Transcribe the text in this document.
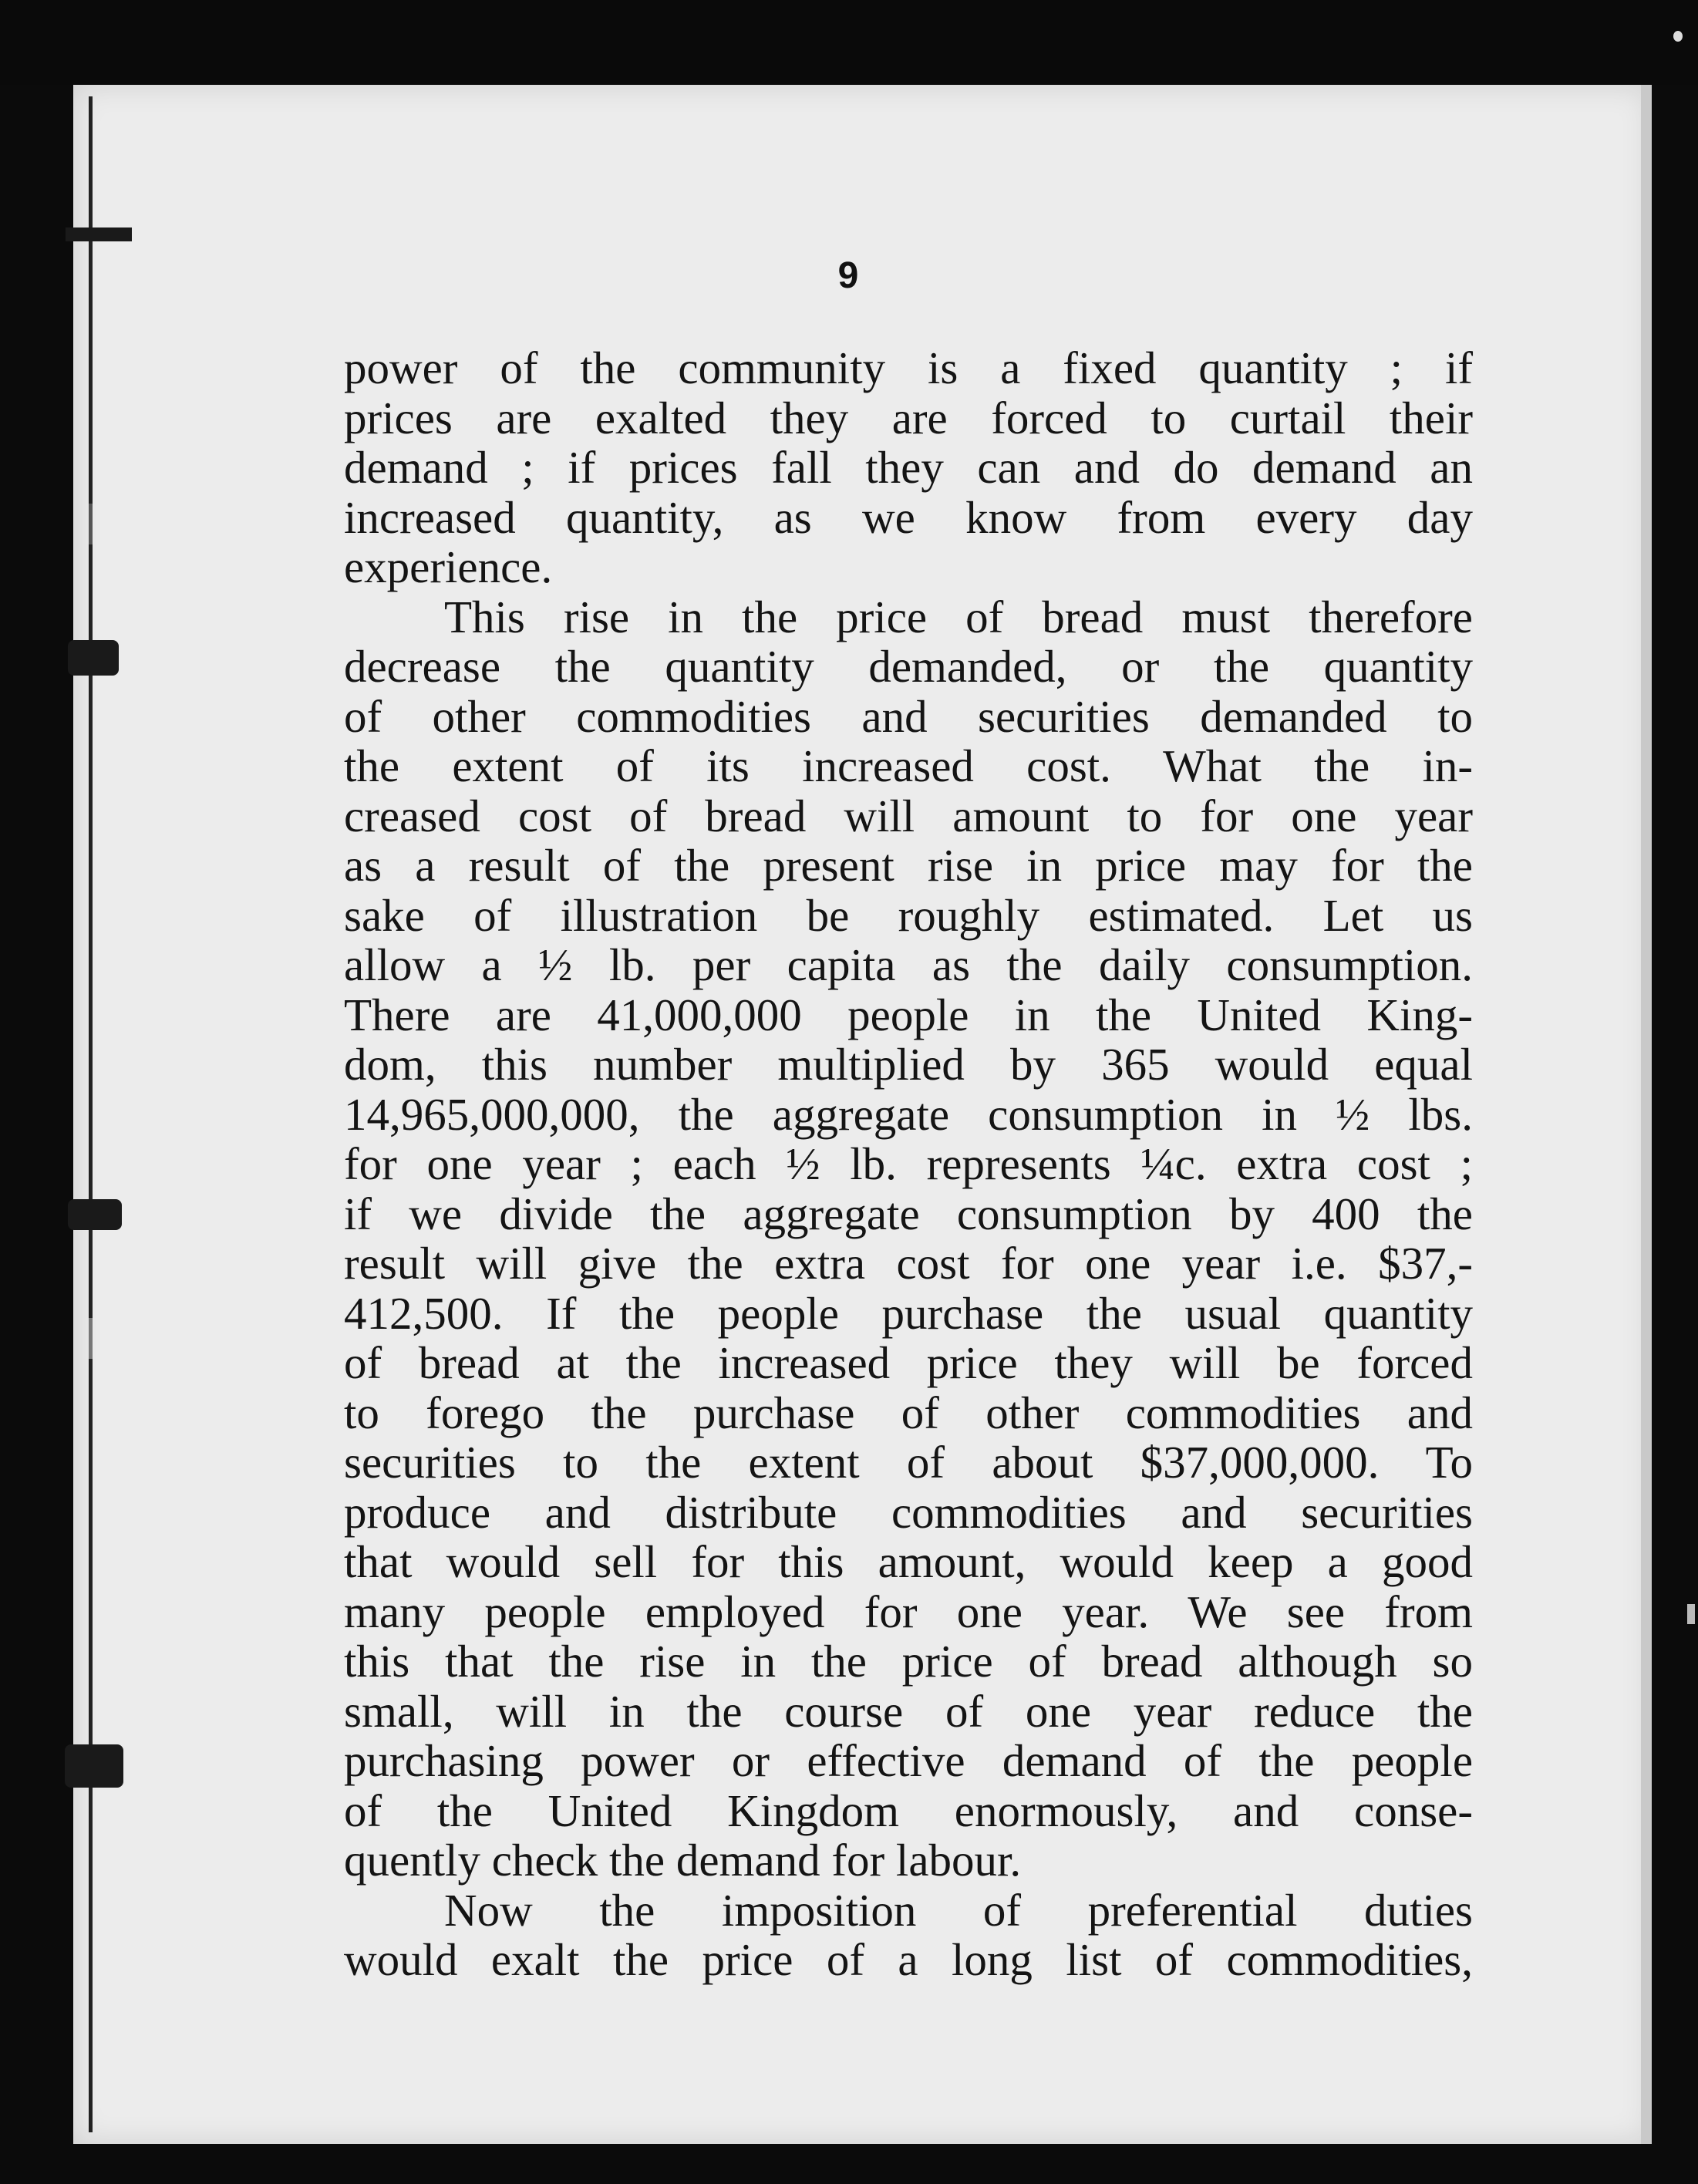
9
power of the community is a fixed quantity ; if
prices are exalted they are forced to curtail their
demand ; if prices fall they can and do demand an
increased quantity, as we know from every day
experience.
This rise in the price of bread must therefore
decrease the quantity demanded, or the quantity
of other commodities and securities demanded to
the extent of its increased cost. What the in-
creased cost of bread will amount to for one year
as a result of the present rise in price may for the
sake of illustration be roughly estimated. Let us
allow a ½ lb. per capita as the daily consumption.
There are 41,000,000 people in the United King-
dom, this number multiplied by 365 would equal
14,965,000,000, the aggregate consumption in ½ lbs.
for one year ; each ½ lb. represents ¼c. extra cost ;
if we divide the aggregate consumption by 400 the
result will give the extra cost for one year i.e. $37,-
412,500. If the people purchase the usual quantity
of bread at the increased price they will be forced
to forego the purchase of other commodities and
securities to the extent of about $37,000,000. To
produce and distribute commodities and securities
that would sell for this amount, would keep a good
many people employed for one year. We see from
this that the rise in the price of bread although so
small, will in the course of one year reduce the
purchasing power or effective demand of the people
of the United Kingdom enormously, and conse-
quently check the demand for labour.
Now the imposition of preferential duties
would exalt the price of a long list of commodities,
